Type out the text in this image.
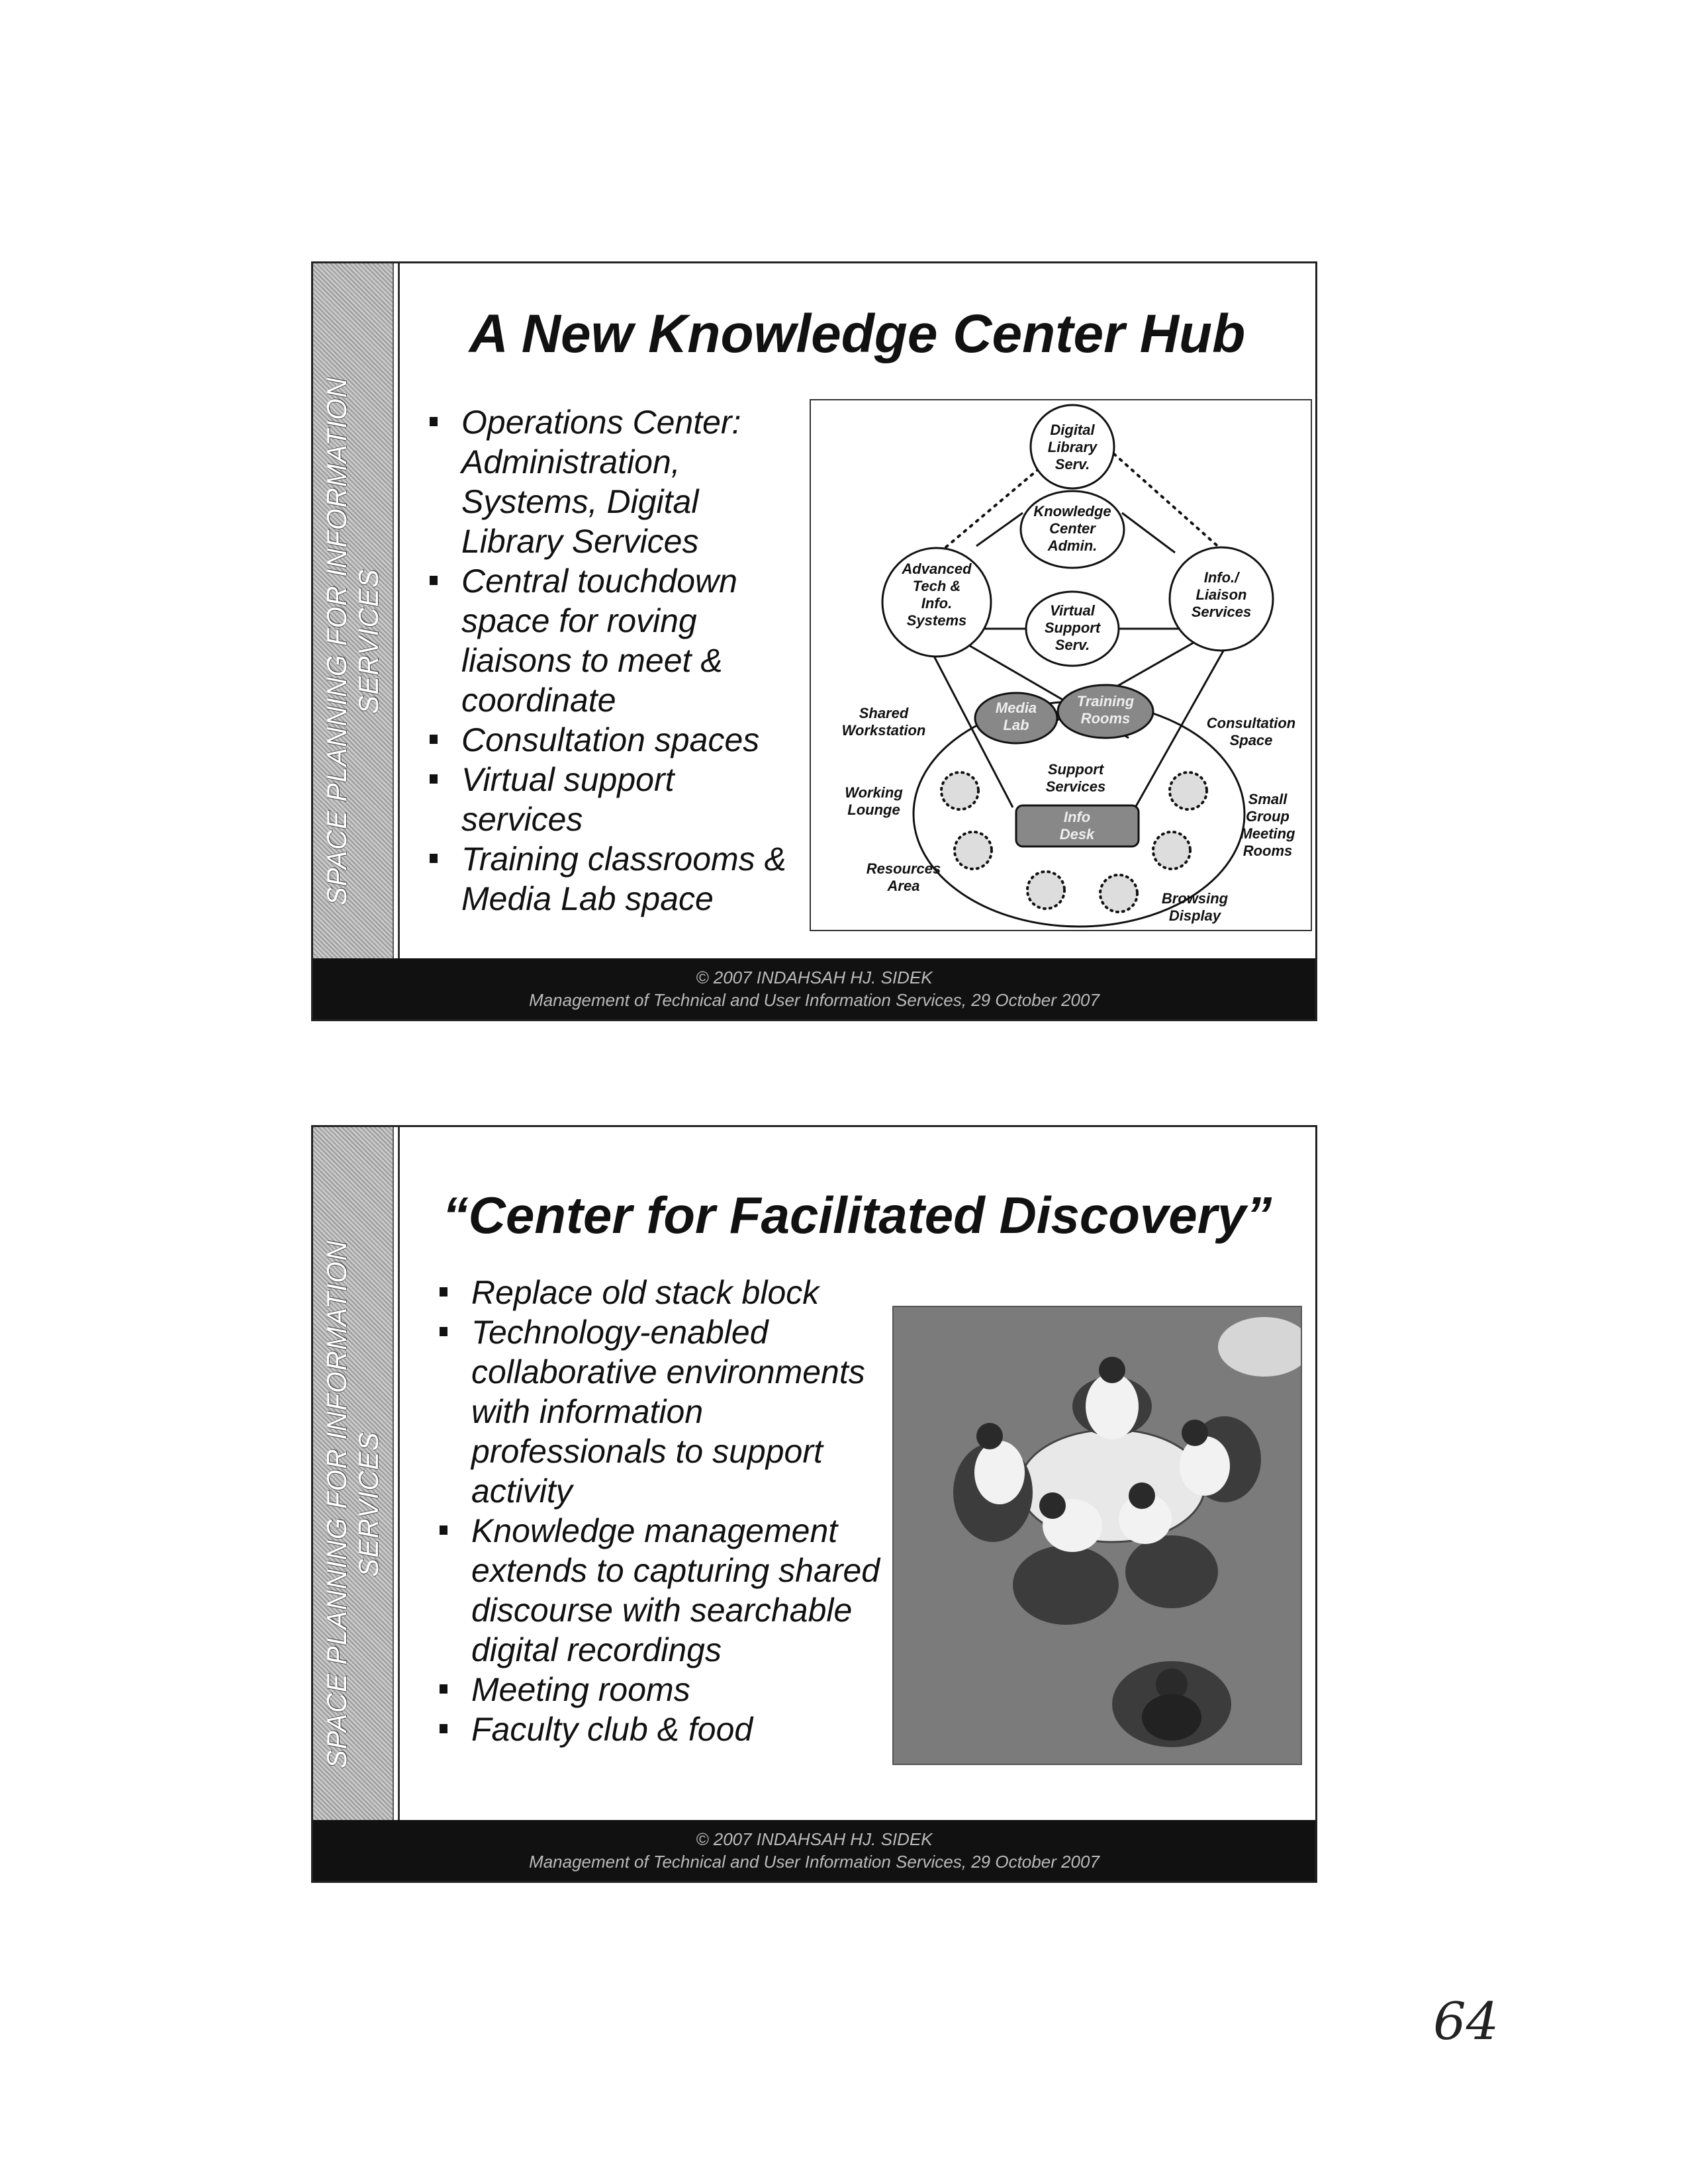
SPACE PLANNING FOR INFORMATION SERVICES
A New Knowledge Center Hub
Operations Center: Administration, Systems, Digital Library Services
Central touchdown space for roving liaisons to meet & coordinate
Consultation spaces
Virtual support services
Training classrooms & Media Lab space
Digital
Library
Serv.
Knowledge
Center
Admin.
Advanced
Tech &
Info.
Systems
Info./
Liaison
Services
Virtual
Support
Serv.
Media
Lab
Training
Rooms
Support
Services
Info
Desk
Shared
Workstation
Working
Lounge
Resources
Area
Consultation
Space
Small
Group
Meeting
Rooms
Browsing
Display
© 2007 INDAHSAH HJ. SIDEK
Management of Technical and User Information Services, 29 October 2007
SPACE PLANNING FOR INFORMATION SERVICES
“Center for Facilitated Discovery”
Replace old stack block
Technology-enabled collaborative environments with information professionals to support activity
Knowledge management extends to capturing shared discourse with searchable digital recordings
Meeting rooms
Faculty club & food
© 2007 INDAHSAH HJ. SIDEK
Management of Technical and User Information Services, 29 October 2007
64
